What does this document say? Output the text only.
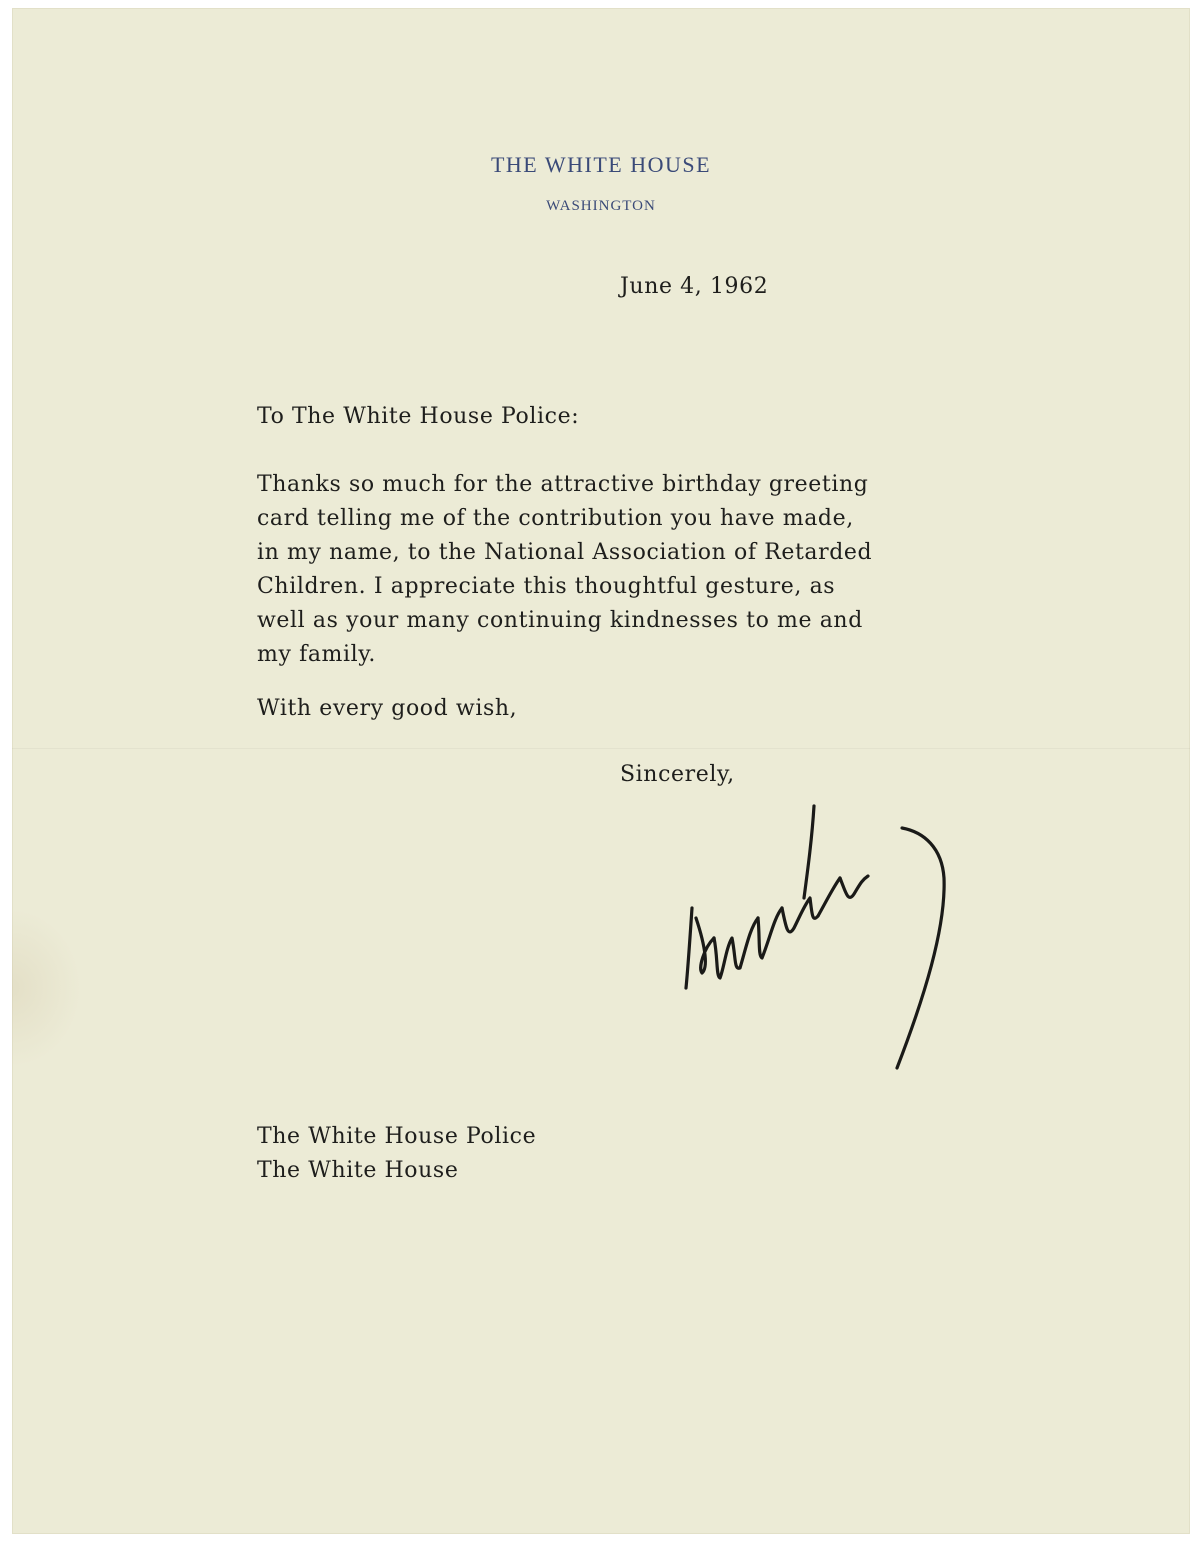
THE WHITE HOUSE
WASHINGTON
June 4, 1962
To The White House Police:
Thanks so much for the attractive birthday greeting
card telling me of the contribution you have made,
in my name, to the National Association of Retarded
Children. I appreciate this thoughtful gesture, as
well as your many continuing kindnesses to me and
my family.
With every good wish,
Sincerely,
The White House Police
The White House
